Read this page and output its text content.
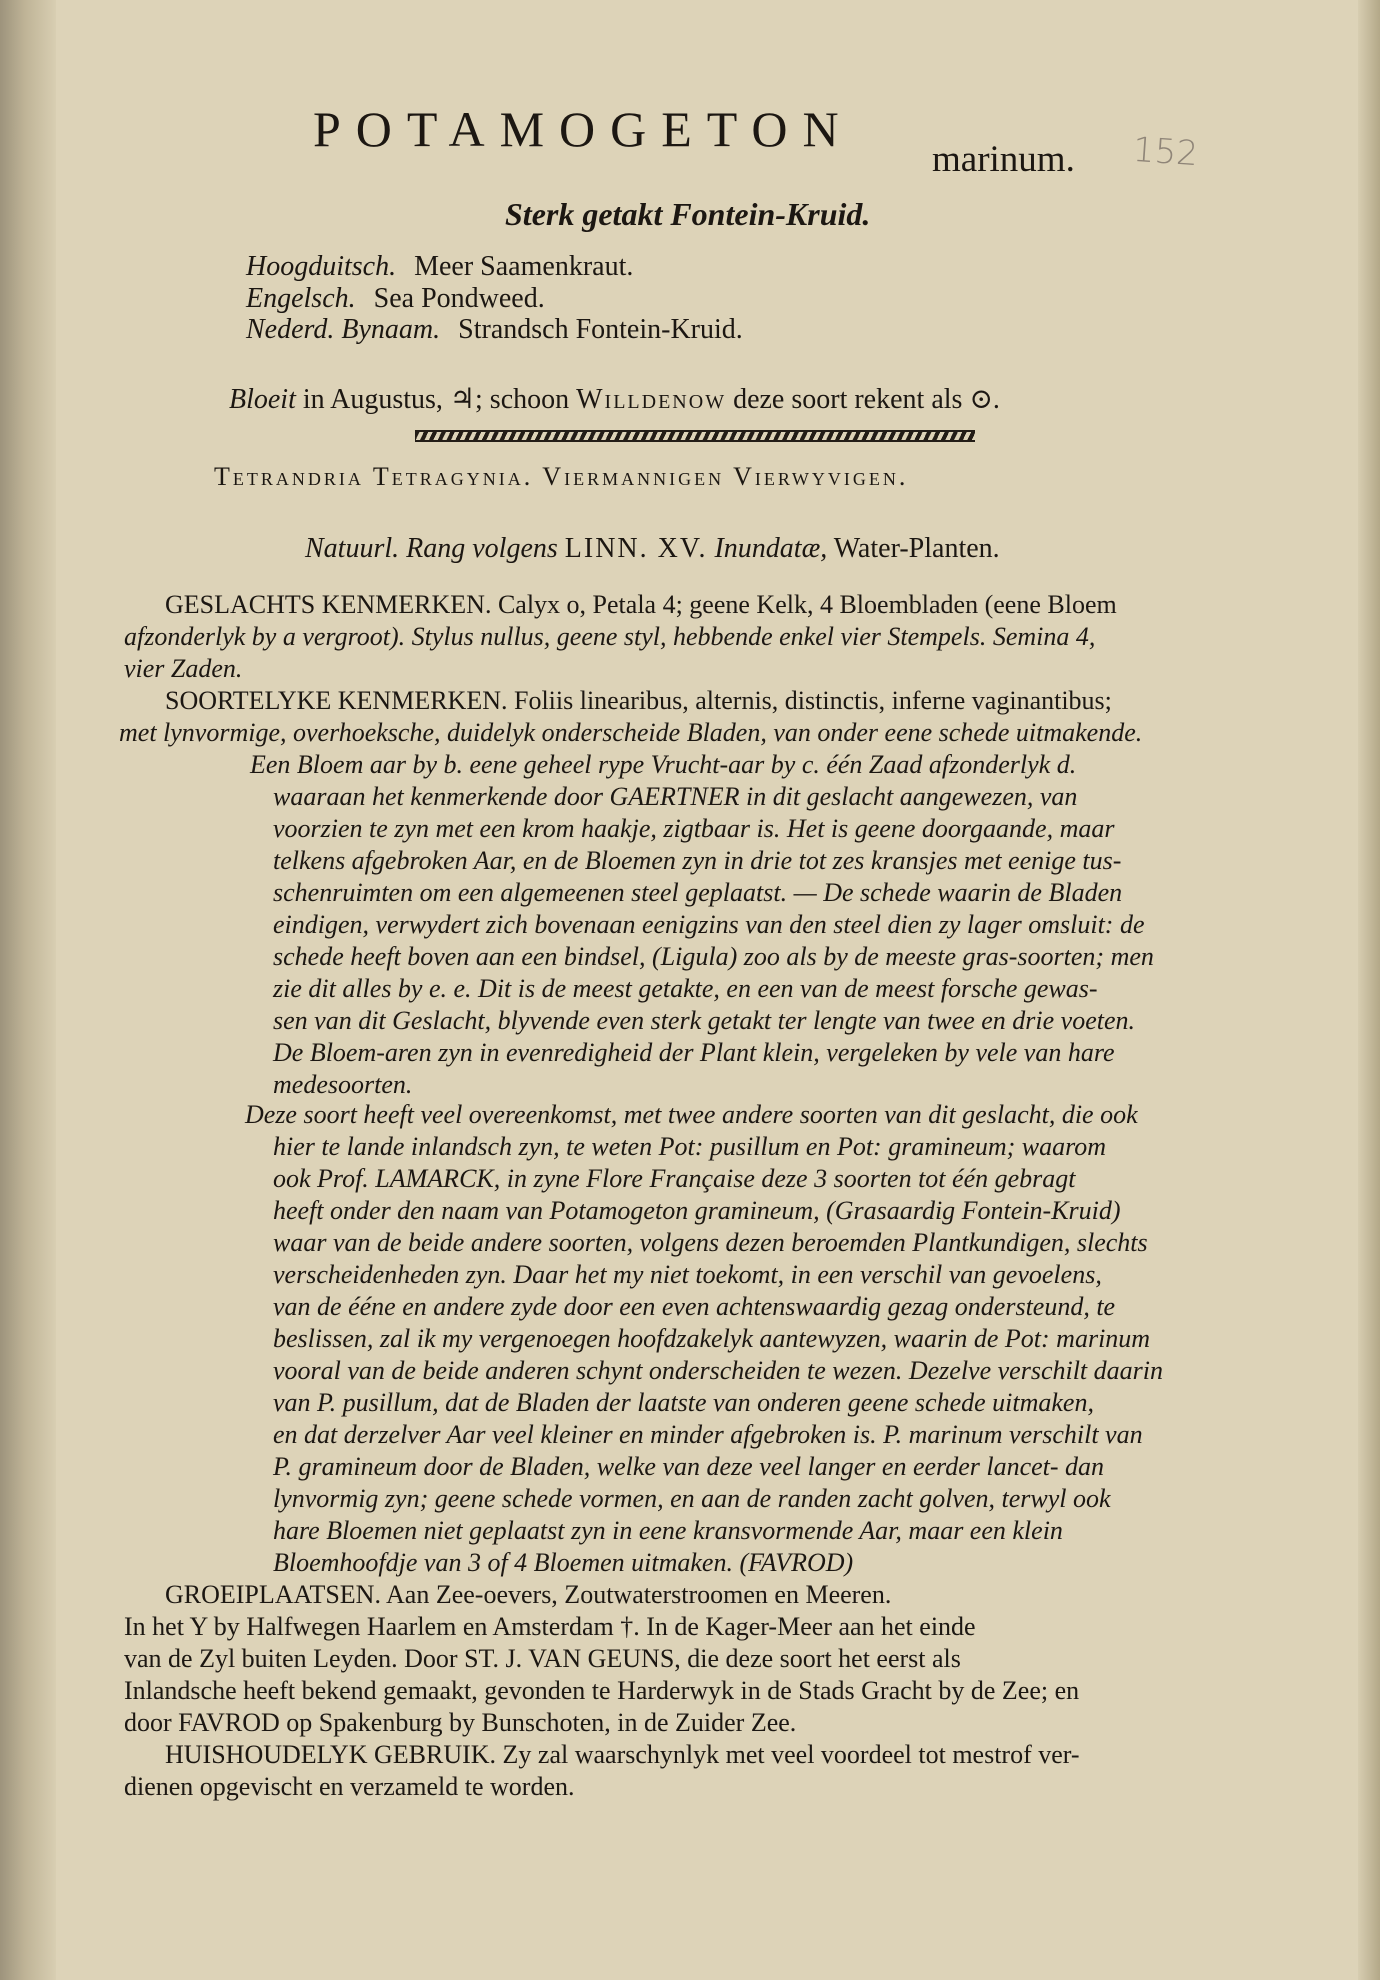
POTAMOGETON
marinum. 152
Sterk getakt Fontein-Kruid.
Hoogduitsch. Meer Saamenkraut.
Engelsch. Sea Pondweed.
Nederd. Bynaam. Strandsch Fontein-Kruid.
Bloeit in Augustus, ♃; schoon Willdenow deze soort rekent als ⊙.
Tetrandria Tetragynia. Viermannigen Vierwyvigen.
Natuurl. Rang volgens LINN. XV. Inundatæ, Water-Planten.
GESLACHTS KENMERKEN. Calyx o, Petala 4; geene Kelk, 4 Bloembladen (eene Bloem
afzonderlyk by a vergroot). Stylus nullus, geene styl, hebbende enkel vier Stempels. Semina 4,
vier Zaden.
SOORTELYKE KENMERKEN. Foliis linearibus, alternis, distinctis, inferne vaginantibus;
met lynvormige, overhoeksche, duidelyk onderscheide Bladen, van onder eene schede uitmakende.
Een Bloem aar by b. eene geheel rype Vrucht-aar by c. één Zaad afzonderlyk d.
waaraan het kenmerkende door GAERTNER in dit geslacht aangewezen, van
voorzien te zyn met een krom haakje, zigtbaar is. Het is geene doorgaande, maar
telkens afgebroken Aar, en de Bloemen zyn in drie tot zes kransjes met eenige tus-
schenruimten om een algemeenen steel geplaatst. — De schede waarin de Bladen
eindigen, verwydert zich bovenaan eenigzins van den steel dien zy lager omsluit: de
schede heeft boven aan een bindsel, (Ligula) zoo als by de meeste gras-soorten; men
zie dit alles by e. e. Dit is de meest getakte, en een van de meest forsche gewas-
sen van dit Geslacht, blyvende even sterk getakt ter lengte van twee en drie voeten.
De Bloem-aren zyn in evenredigheid der Plant klein, vergeleken by vele van hare
medesoorten.
Deze soort heeft veel overeenkomst, met twee andere soorten van dit geslacht, die ook
hier te lande inlandsch zyn, te weten Pot: pusillum en Pot: gramineum; waarom
ook Prof. LAMARCK, in zyne Flore Française deze 3 soorten tot één gebragt
heeft onder den naam van Potamogeton gramineum, (Grasaardig Fontein-Kruid)
waar van de beide andere soorten, volgens dezen beroemden Plantkundigen, slechts
verscheidenheden zyn. Daar het my niet toekomt, in een verschil van gevoelens,
van de ééne en andere zyde door een even achtenswaardig gezag ondersteund, te
beslissen, zal ik my vergenoegen hoofdzakelyk aantewyzen, waarin de Pot: marinum
vooral van de beide anderen schynt onderscheiden te wezen. Dezelve verschilt daarin
van P. pusillum, dat de Bladen der laatste van onderen geene schede uitmaken,
en dat derzelver Aar veel kleiner en minder afgebroken is. P. marinum verschilt van
P. gramineum door de Bladen, welke van deze veel langer en eerder lancet- dan
lynvormig zyn; geene schede vormen, en aan de randen zacht golven, terwyl ook
hare Bloemen niet geplaatst zyn in eene kransvormende Aar, maar een klein
Bloemhoofdje van 3 of 4 Bloemen uitmaken. (FAVROD)
GROEIPLAATSEN. Aan Zee-oevers, Zoutwaterstroomen en Meeren.
In het Y by Halfwegen Haarlem en Amsterdam †. In de Kager-Meer aan het einde
van de Zyl buiten Leyden. Door ST. J. VAN GEUNS, die deze soort het eerst als
Inlandsche heeft bekend gemaakt, gevonden te Harderwyk in de Stads Gracht by de Zee; en
door FAVROD op Spakenburg by Bunschoten, in de Zuider Zee.
HUISHOUDELYK GEBRUIK. Zy zal waarschynlyk met veel voordeel tot mestrof ver-
dienen opgevischt en verzameld te worden.
